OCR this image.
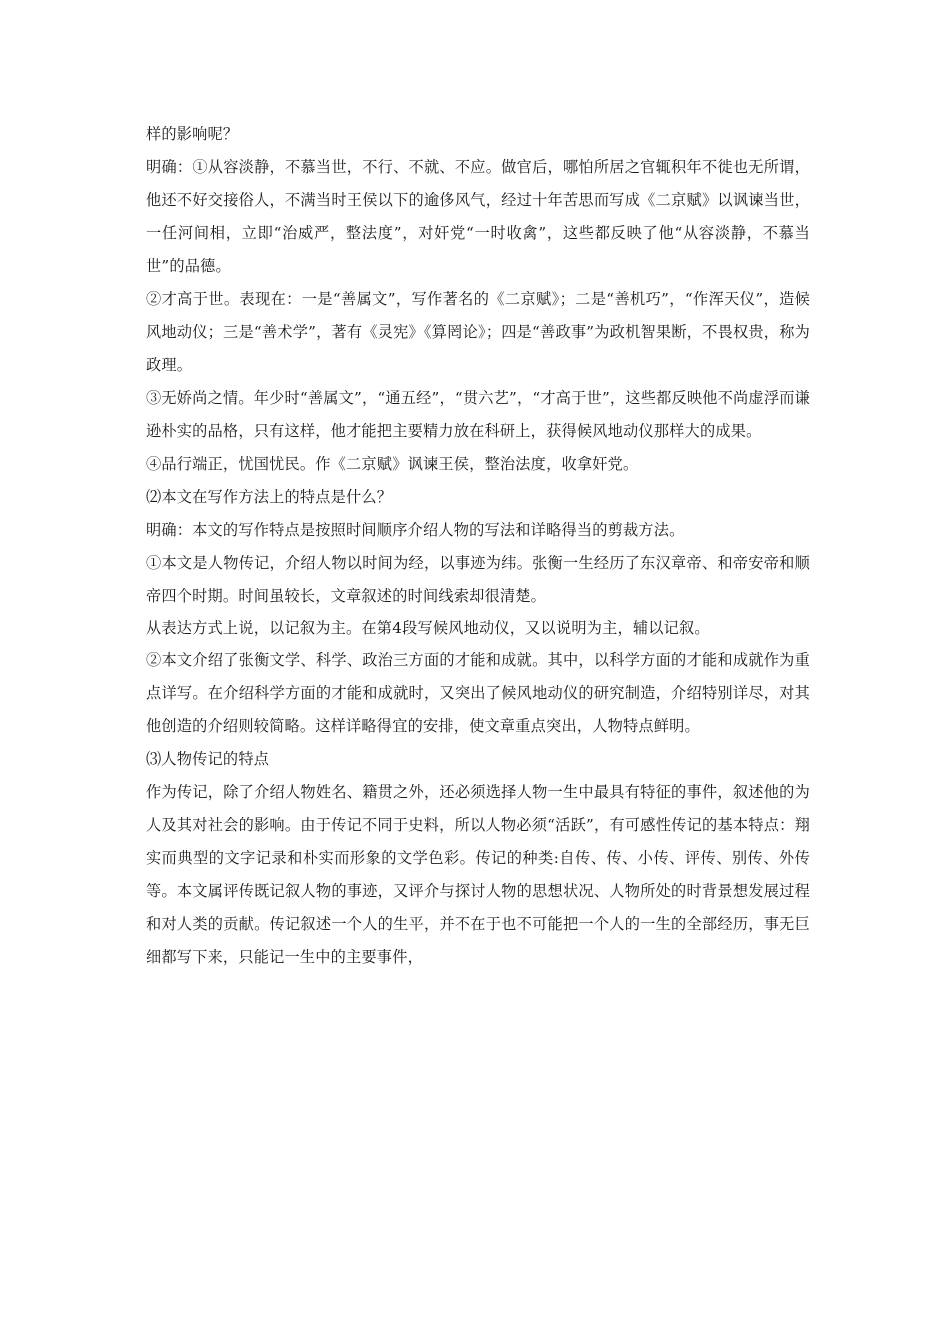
样的影响呢？

明确：①从容淡静，不慕当世，不行、不就、不应。做官后，哪怕所居之官辄积年不徙也无所谓，他还不好交接俗人，不满当时王侯以下的逾侈风气，经过十年苦思而写成《二京赋》以讽谏当世，一任河间相，立即“治威严，整法度”，对奸党“一时收禽”，这些都反映了他“从容淡静，不慕当世”的品德。

②才高于世。表现在：一是“善属文”，写作著名的《二京赋》；二是“善机巧”，“作浑天仪”，造候风地动仪；三是“善术学”，著有《灵宪》《算罔论》；四是“善政事”为政机智果断，不畏权贵，称为政理。

③无娇尚之情。年少时“善属文”，“通五经”，“贯六艺”，“才高于世”，这些都反映他不尚虚浮而谦逊朴实的品格，只有这样，他才能把主要精力放在科研上，获得候风地动仪那样大的成果。

④品行端正，忧国忧民。作《二京赋》讽谏王侯，整治法度，收拿奸党。

⑵本文在写作方法上的特点是什么？

明确：本文的写作特点是按照时间顺序介绍人物的写法和详略得当的剪裁方法。

①本文是人物传记，介绍人物以时间为经，以事迹为纬。张衡一生经历了东汉章帝、和帝安帝和顺帝四个时期。时间虽较长，文章叙述的时间线索却很清楚。

从表达方式上说，以记叙为主。在第4段写候风地动仪，又以说明为主，辅以记叙。

②本文介绍了张衡文学、科学、政治三方面的才能和成就。其中，以科学方面的才能和成就作为重点详写。在介绍科学方面的才能和成就时，又突出了候风地动仪的研究制造，介绍特别详尽，对其他创造的介绍则较简略。这样详略得宜的安排，使文章重点突出，人物特点鲜明。

⑶人物传记的特点

作为传记，除了介绍人物姓名、籍贯之外，还必须选择人物一生中最具有特征的事件，叙述他的为人及其对社会的影响。由于传记不同于史料，所以人物必须“活跃”，有可感性传记的基本特点：翔实而典型的文字记录和朴实而形象的文学色彩。传记的种类:自传、传、小传、评传、别传、外传等。本文属评传既记叙人物的事迹，又评介与探讨人物的思想状况、人物所处的时背景想发展过程和对人类的贡献。传记叙述一个人的生平，并不在于也不可能把一个人的一生的全部经历，事无巨细都写下来，只能记一生中的主要事件，
